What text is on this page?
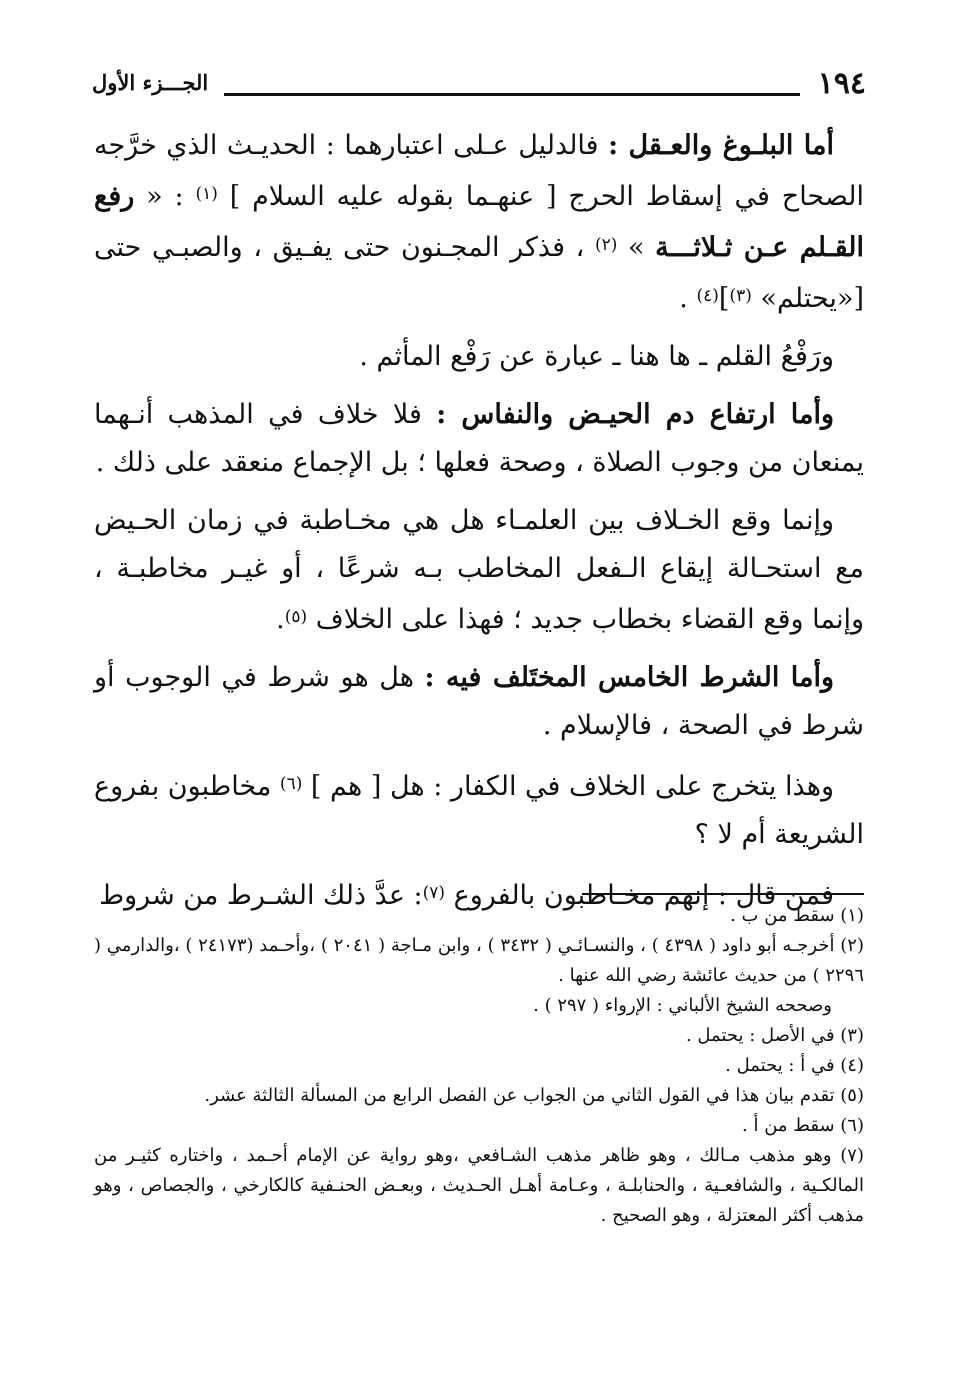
١٩٤
الجـــزء الأول

أما البلـوغ والعـقل : فالدليل عـلى اعتبارهما : الحديـث الذي خرَّجه الصحاح في إسقاط الحرج [ عنهـما بقوله عليه السلام ] $^{(١)}$ : « رفع القـلم عـن ثـلاثـــة » $^{(٢)}$ ، فذكر المجـنون حتى يفـيق ، والصبـي حتى [«يحتلم» $^{(٣)}$]$^{(٤)}$ .

ورَفْعُ القلم ـ ها هنا ـ عبارة عن رَفْع المأثم .

وأما ارتفاع دم الحيـض والنفاس : فلا خلاف في المذهب أنـهما يمنعان من وجوب الصلاة ، وصحة فعلها ؛ بل الإجماع منعقد على ذلك .

وإنما وقع الخـلاف بين العلمـاء هل هي مخـاطبة في زمان الحـيض مع استحـالة إيقاع الـفعل المخاطب بـه شرعًا ، أو غيـر مخاطبـة ، وإنما وقع القضاء بخطاب جديد ؛ فهذا على الخلاف $^{(٥)}$.

وأما الشرط الخامس المختَلف فيه : هل هو شرط في الوجوب أو شرط في الصحة ، فالإسلام .

وهذا يتخرج على الخلاف في الكفار : هل [ هم ] $^{(٦)}$ مخاطبون بفروع الشريعة أم لا ؟

فمن قال : إنهم مخـاطبون بالفروع $^{(٧)}$: عدَّ ذلك الشـرط من شروط

(١) سقط من ب .

(٢) أخرجـه أبو داود ( ٤٣٩٨ ) ، والنسـائـي ( ٣٤٣٢ ) ، وابن مـاجة ( ٢٠٤١ ) ،وأحـمد (٢٤١٧٣ ) ،والدارمي ( ٢٢٩٦ ) من حديث عائشة رضي الله عنها .

وصححه الشيخ الألباني : الإرواء ( ٢٩٧ ) .

(٣) في الأصل : يحتمل .

(٤) في أ : يحتمل .

(٥) تقدم بيان هذا في القول الثاني من الجواب عن الفصل الرابع من المسألة الثالثة عشر.

(٦) سقط من أ .

(٧) وهو مذهب مـالك ، وهو ظاهر مذهب الشـافعي ،وهو رواية عن الإمام أحـمد ، واختاره كثيـر من المالكـية ، والشافعـية ، والحنابلـة ، وعـامة أهـل الحـديث ، وبعـض الحنـفية كالكارخي ، والجصاص ، وهو مذهب أكثر المعتزلة ، وهو الصحيح .
